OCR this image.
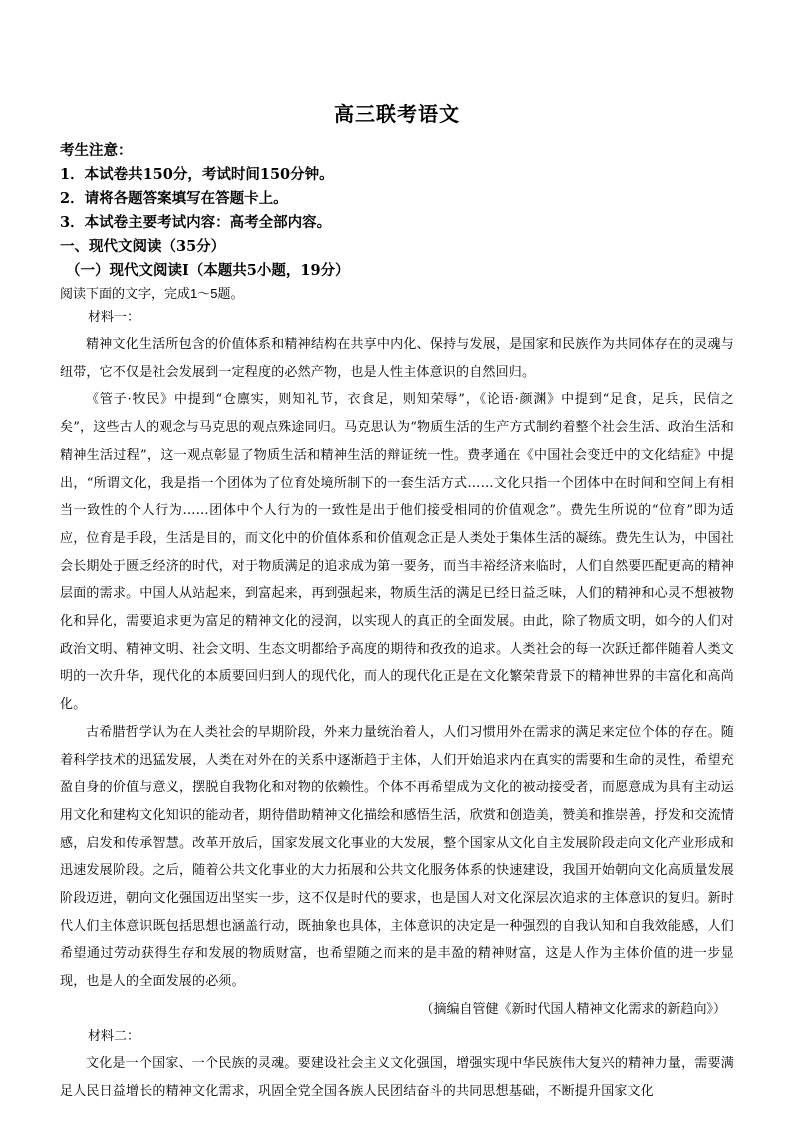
高三联考语文

考生注意：

1．本试卷共150分，考试时间150分钟。

2．请将各题答案填写在答题卡上。

3．本试卷主要考试内容：高考全部内容。

一、现代文阅读（35分）

（一）现代文阅读Ⅰ（本题共5小题，19分）

阅读下面的文字，完成1～5题。

材料一：

精神文化生活所包含的价值体系和精神结构在共享中内化、保持与发展，是国家和民族作为共同体存在的灵魂与纽带，它不仅是社会发展到一定程度的必然产物，也是人性主体意识的自然回归。

《管子·牧民》中提到“仓廪实，则知礼节，衣食足，则知荣辱”，《论语·颜渊》中提到“足食，足兵，民信之矣”，这些古人的观念与马克思的观点殊途同归。马克思认为“物质生活的生产方式制约着整个社会生活、政治生活和精神生活过程”，这一观点彰显了物质生活和精神生活的辩证统一性。费孝通在《中国社会变迁中的文化结症》中提出，“所谓文化，我是指一个团体为了位育处境所制下的一套生活方式……文化只指一个团体中在时间和空间上有相当一致性的个人行为……团体中个人行为的一致性是出于他们接受相同的价值观念”。费先生所说的“位育”即为适应，位育是手段，生活是目的，而文化中的价值体系和价值观念正是人类处于集体生活的凝练。费先生认为，中国社会长期处于匮乏经济的时代，对于物质满足的追求成为第一要务，而当丰裕经济来临时，人们自然要匹配更高的精神层面的需求。中国人从站起来，到富起来，再到强起来，物质生活的满足已经日益乏味，人们的精神和心灵不想被物化和异化，需要追求更为富足的精神文化的浸润，以实现人的真正的全面发展。由此，除了物质文明，如今的人们对政治文明、精神文明、社会文明、生态文明都给予高度的期待和孜孜的追求。人类社会的每一次跃迁都伴随着人类文明的一次升华，现代化的本质要回归到人的现代化，而人的现代化正是在文化繁荣背景下的精神世界的丰富化和高尚化。

古希腊哲学认为在人类社会的早期阶段，外来力量统治着人，人们习惯用外在需求的满足来定位个体的存在。随着科学技术的迅猛发展，人类在对外在的关系中逐渐趋于主体，人们开始追求内在真实的需要和生命的灵性，希望充盈自身的价值与意义，摆脱自我物化和对物的依赖性。个体不再希望成为文化的被动接受者，而愿意成为具有主动运用文化和建构文化知识的能动者，期待借助精神文化描绘和感悟生活，欣赏和创造美，赞美和推崇善，抒发和交流情感，启发和传承智慧。改革开放后，国家发展文化事业的大发展，整个国家从文化自主发展阶段走向文化产业形成和迅速发展阶段。之后，随着公共文化事业的大力拓展和公共文化服务体系的快速建设，我国开始朝向文化高质量发展阶段迈进，朝向文化强国迈出坚实一步，这不仅是时代的要求，也是国人对文化深层次追求的主体意识的复归。新时代人们主体意识既包括思想也涵盖行动，既抽象也具体，主体意识的决定是一种强烈的自我认知和自我效能感，人们希望通过劳动获得生存和发展的物质财富，也希望随之而来的是丰盈的精神财富，这是人作为主体价值的进一步显现，也是人的全面发展的必须。

（摘编自管健《新时代国人精神文化需求的新趋向》）

材料二：

文化是一个国家、一个民族的灵魂。要建设社会主义文化强国，增强实现中华民族伟大复兴的精神力量，需要满足人民日益增长的精神文化需求，巩固全党全国各族人民团结奋斗的共同思想基础，不断提升国家文化
